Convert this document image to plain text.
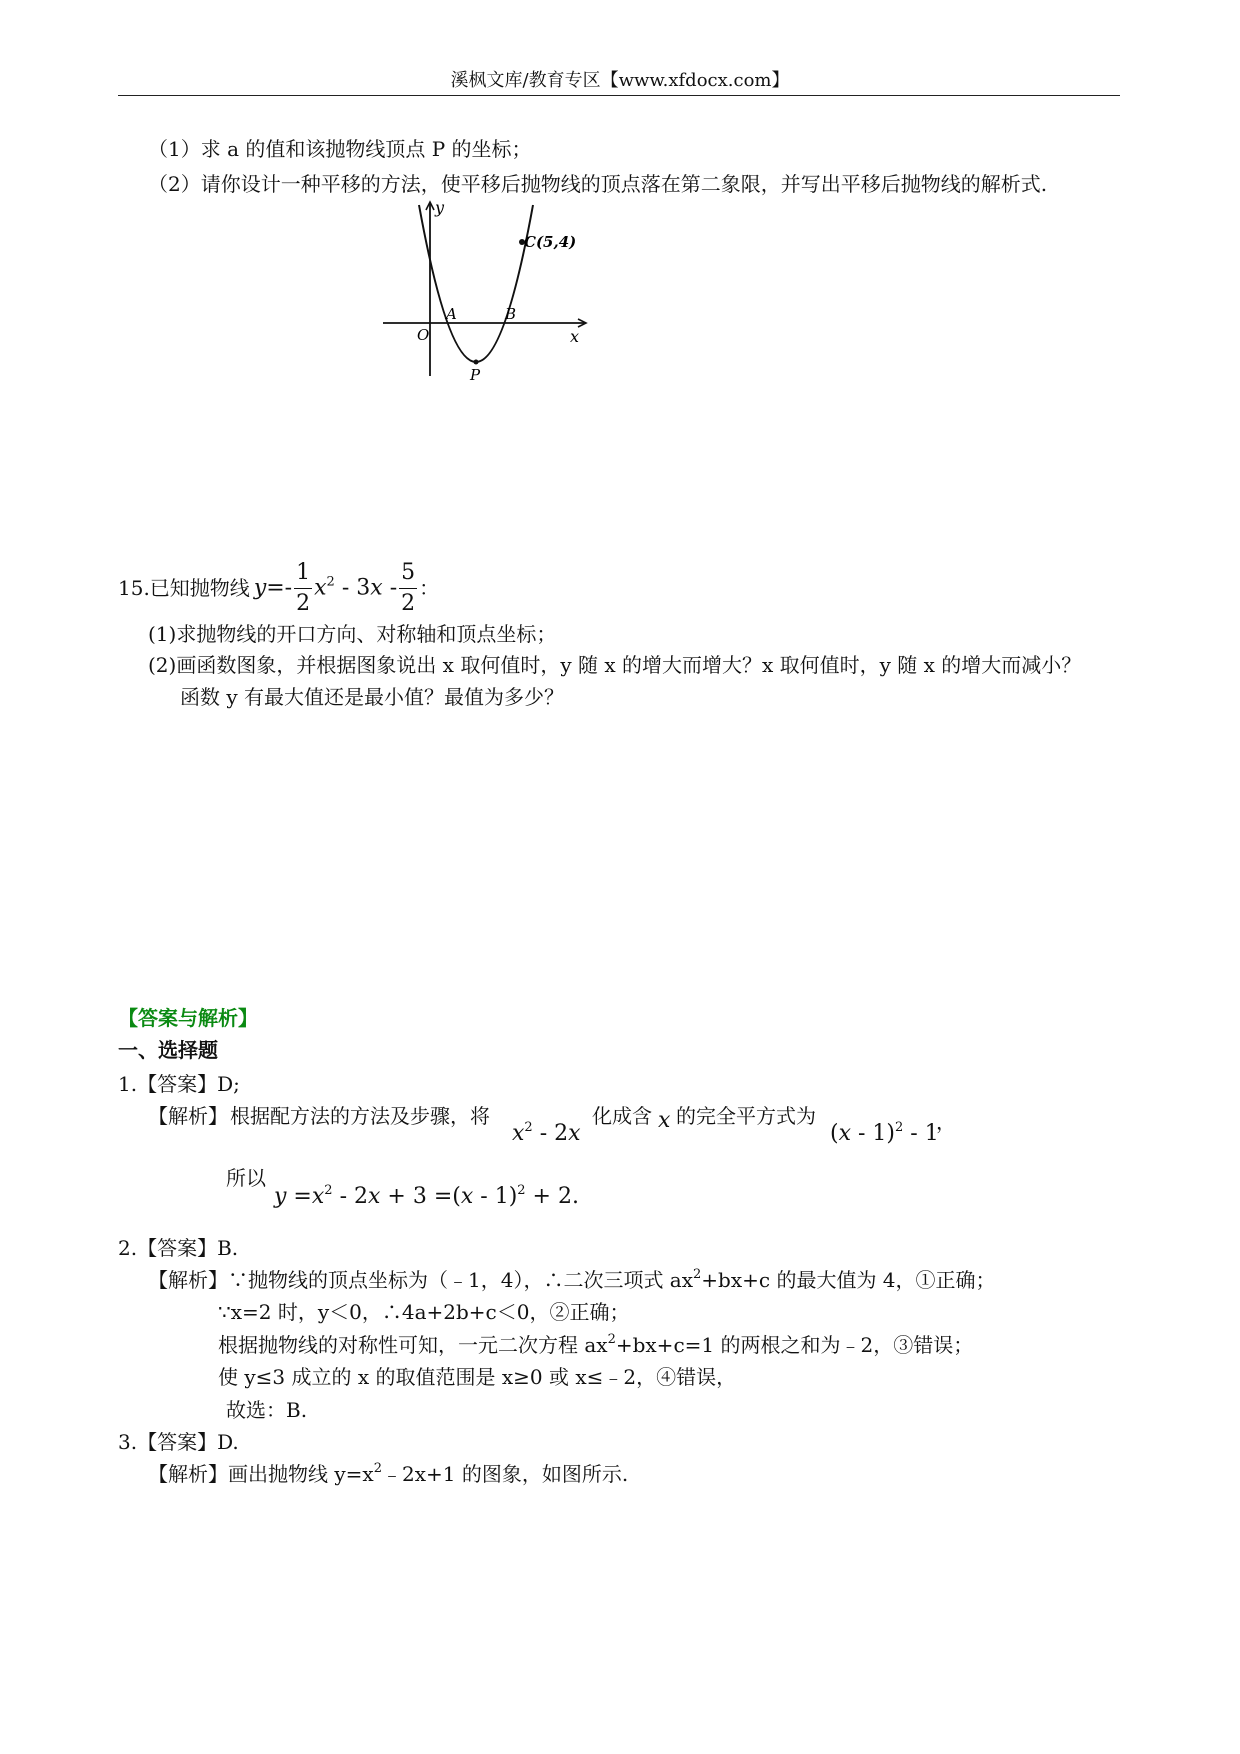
溪枫文库/教育专区【www.xfdocx.com】
（1）求 a 的值和该抛物线顶点 P 的坐标；
（2）请你设计一种平移的方法，使平移后抛物线的顶点落在第二象限，并写出平移后抛物线的解析式.
y
x
O
A	B
C(5,4)
P
15.已知抛物线 $y=- \frac{1}{2} x^2 - 3x - \frac{5}{2}$ ：
(1)求抛物线的开口方向、对称轴和顶点坐标；
(2)画函数图象，并根据图象说出 x 取何值时，y 随 x 的增大而增大？x 取何值时，y 随 x 的增大而减小？
函数 y 有最大值还是最小值？最值为多少？
【答案与解析】
一、选择题
1.【答案】D;
【解析】 根据配方法的方法及步骤，将
$x^2 - 2x$
化成含 x 的完全平方式为
(x - 1)$^2$ - 1
，
所以
$y =x^2 - 2x + 3 =(x - 1)^2 + 2$.
2.【答案】B.
【解析】∵抛物线的顶点坐标为（﹣1，4），∴二次三项式 $ax^2+bx+c$ 的最大值为 4，①正确；
∵x=2 时，y＜0，∴4a+2b+c＜0，②正确；
根据抛物线的对称性可知，一元二次方程 $ax^2+bx+c=1$ 的两根之和为﹣2，③错误；
使 y≤3 成立的 x 的取值范围是 x≥0 或 x≤﹣2，④错误，
故选：B.
3.【答案】D.
【解析】画出抛物线 $y=x^2﹣2x+1$ 的图象，如图所示.
